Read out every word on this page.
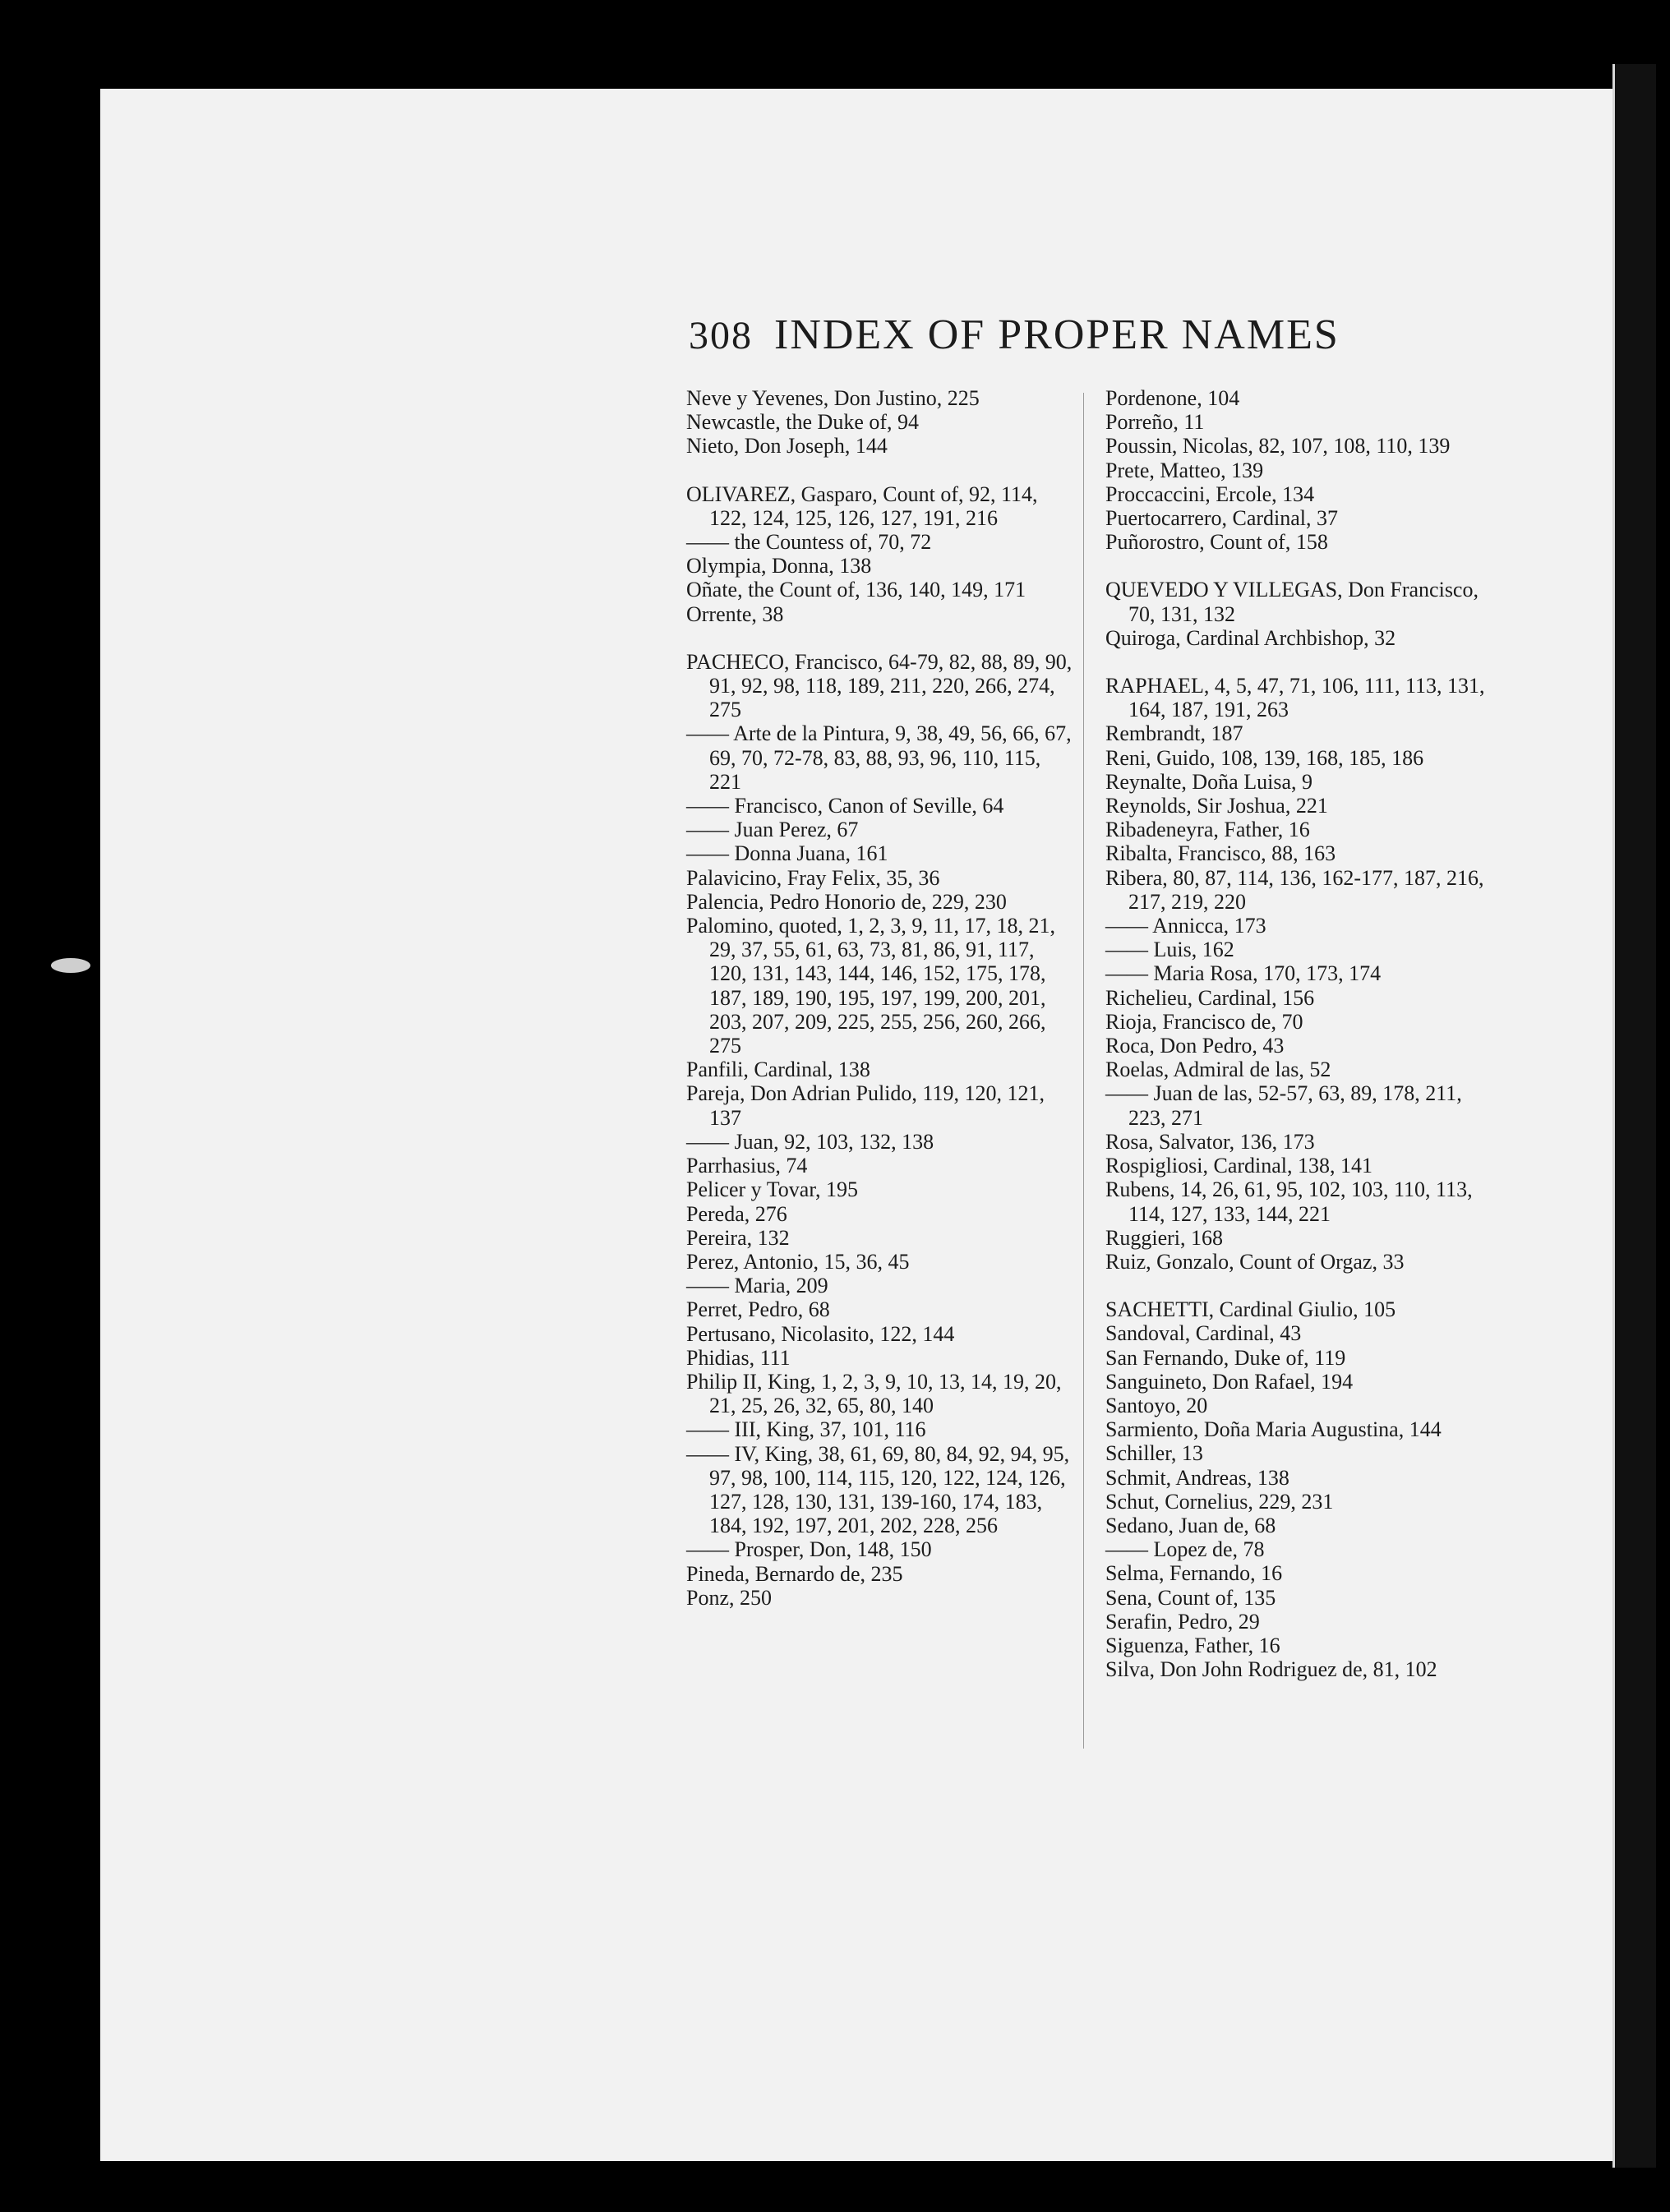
308 INDEX OF PROPER NAMES
Neve y Yevenes, Don Justino, 225
Newcastle, the Duke of, 94
Nieto, Don Joseph, 144
OLIVAREZ, Gasparo, Count of, 92, 114, 122, 124, 125, 126, 127, 191, 216
—— the Countess of, 70, 72
Olympia, Donna, 138
Oñate, the Count of, 136, 140, 149, 171
Orrente, 38
PACHECO, Francisco, 64-79, 82, 88, 89, 90, 91, 92, 98, 118, 189, 211, 220, 266, 274, 275
—— Arte de la Pintura, 9, 38, 49, 56, 66, 67, 69, 70, 72-78, 83, 88, 93, 96, 110, 115, 221
—— Francisco, Canon of Seville, 64
—— Juan Perez, 67
—— Donna Juana, 161
Palavicino, Fray Felix, 35, 36
Palencia, Pedro Honorio de, 229, 230
Palomino, quoted, 1, 2, 3, 9, 11, 17, 18, 21, 29, 37, 55, 61, 63, 73, 81, 86, 91, 117, 120, 131, 143, 144, 146, 152, 175, 178, 187, 189, 190, 195, 197, 199, 200, 201, 203, 207, 209, 225, 255, 256, 260, 266, 275
Panfili, Cardinal, 138
Pareja, Don Adrian Pulido, 119, 120, 121, 137
—— Juan, 92, 103, 132, 138
Parrhasius, 74
Pelicer y Tovar, 195
Pereda, 276
Pereira, 132
Perez, Antonio, 15, 36, 45
—— Maria, 209
Perret, Pedro, 68
Pertusano, Nicolasito, 122, 144
Phidias, 111
Philip II, King, 1, 2, 3, 9, 10, 13, 14, 19, 20, 21, 25, 26, 32, 65, 80, 140
—— III, King, 37, 101, 116
—— IV, King, 38, 61, 69, 80, 84, 92, 94, 95, 97, 98, 100, 114, 115, 120, 122, 124, 126, 127, 128, 130, 131, 139-160, 174, 183, 184, 192, 197, 201, 202, 228, 256
—— Prosper, Don, 148, 150
Pineda, Bernardo de, 235
Ponz, 250
Pordenone, 104
Porreño, 11
Poussin, Nicolas, 82, 107, 108, 110, 139
Prete, Matteo, 139
Proccaccini, Ercole, 134
Puertocarrero, Cardinal, 37
Puñorostro, Count of, 158
QUEVEDO Y VILLEGAS, Don Francisco, 70, 131, 132
Quiroga, Cardinal Archbishop, 32
RAPHAEL, 4, 5, 47, 71, 106, 111, 113, 131, 164, 187, 191, 263
Rembrandt, 187
Reni, Guido, 108, 139, 168, 185, 186
Reynalte, Doña Luisa, 9
Reynolds, Sir Joshua, 221
Ribadeneyra, Father, 16
Ribalta, Francisco, 88, 163
Ribera, 80, 87, 114, 136, 162-177, 187, 216, 217, 219, 220
—— Annicca, 173
—— Luis, 162
—— Maria Rosa, 170, 173, 174
Richelieu, Cardinal, 156
Rioja, Francisco de, 70
Roca, Don Pedro, 43
Roelas, Admiral de las, 52
—— Juan de las, 52-57, 63, 89, 178, 211, 223, 271
Rosa, Salvator, 136, 173
Rospigliosi, Cardinal, 138, 141
Rubens, 14, 26, 61, 95, 102, 103, 110, 113, 114, 127, 133, 144, 221
Ruggieri, 168
Ruiz, Gonzalo, Count of Orgaz, 33
SACHETTI, Cardinal Giulio, 105
Sandoval, Cardinal, 43
San Fernando, Duke of, 119
Sanguineto, Don Rafael, 194
Santoyo, 20
Sarmiento, Doña Maria Augustina, 144
Schiller, 13
Schmit, Andreas, 138
Schut, Cornelius, 229, 231
Sedano, Juan de, 68
—— Lopez de, 78
Selma, Fernando, 16
Sena, Count of, 135
Serafin, Pedro, 29
Siguenza, Father, 16
Silva, Don John Rodriguez de, 81, 102
